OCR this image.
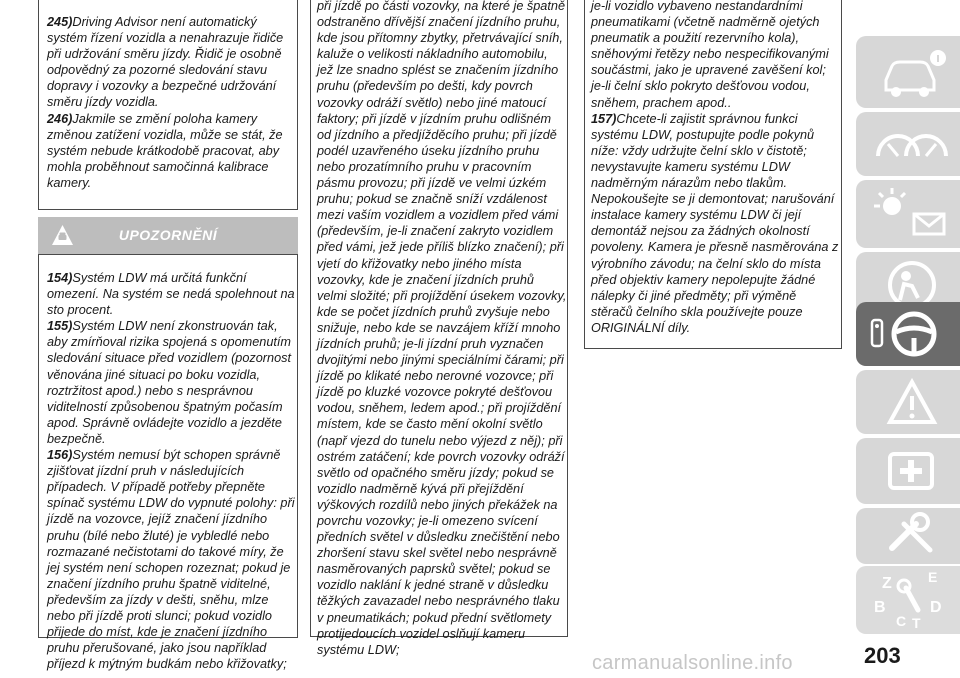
245)Driving Advisor není automatický systém řízení vozidla a nenahrazuje řidiče při udržování směru jízdy. Řidič je osobně odpovědný za pozorné sledování stavu dopravy i vozovky a bezpečné udržování směru jízdy vozidla.

246)Jakmile se změní poloha kamery změnou zatížení vozidla, může se stát, že systém nebude krátkodobě pracovat, aby mohla proběhnout samočinná kalibrace kamery.

UPOZORNĚNÍ

154)Systém LDW má určitá funkční omezení. Na systém se nedá spolehnout na sto procent.

155)Systém LDW není zkonstruován tak, aby zmírňoval rizika spojená s opomenutím sledování situace před vozidlem (pozornost věnována jiné situaci po boku vozidla, roztržitost apod.) nebo s nesprávnou viditelností způsobenou špatným počasím apod. Správně ovládejte vozidlo a jezděte bezpečně.

156)Systém nemusí být schopen správně zjišťovat jízdní pruh v následujících případech. V případě potřeby přepněte spínač systému LDW do vypnuté polohy: při jízdě na vozovce, jejíž značení jízdního pruhu (bílé nebo žluté) je vybledlé nebo rozmazané nečistotami do takové míry, že jej systém není schopen rozeznat; pokud je značení jízdního pruhu špatně viditelné, především za jízdy v dešti, sněhu, mlze nebo při jízdě proti slunci; pokud vozidlo přijede do míst, kde je značení jízdního pruhu přerušované, jako jsou například příjezd k mýtným budkám nebo křižovatky;

při jízdě po části vozovky, na které je špatně odstraněno dřívější značení jízdního pruhu, kde jsou přítomny zbytky, přetrvávající sníh, kaluže o velikosti nákladního automobilu, jež lze snadno splést se značením jízdního pruhu (především po dešti, kdy povrch vozovky odráží světlo) nebo jiné matoucí faktory; při jízdě v jízdním pruhu odlišném od jízdního a předjížděcího pruhu; při jízdě podél uzavřeného úseku jízdního pruhu nebo prozatímního pruhu v pracovním pásmu provozu; při jízdě ve velmi úzkém pruhu; pokud se značně sníží vzdálenost mezi vaším vozidlem a vozidlem před vámi (především, je-li značení zakryto vozidlem před vámi, jež jede příliš blízko značení); při vjetí do křižovatky nebo jiného místa vozovky, kde je značení jízdních pruhů velmi složité; při projíždění úsekem vozovky, kde se počet jízdních pruhů zvyšuje nebo snižuje, nebo kde se navzájem kříží mnoho jízdních pruhů; je-li jízdní pruh vyznačen dvojitými nebo jinými speciálními čárami; při jízdě po klikaté nebo nerovné vozovce; při jízdě po kluzké vozovce pokryté dešťovou vodou, sněhem, ledem apod.; při projíždění místem, kde se často mění okolní světlo (např vjezd do tunelu nebo výjezd z něj); při ostrém zatáčení; kde povrch vozovky odráží světlo od opačného směru jízdy; pokud se vozidlo nadměrně kývá při přejíždění výškových rozdílů nebo jiných překážek na povrchu vozovky; je-li omezeno svícení předních světel v důsledku znečištění nebo zhoršení stavu skel světel nebo nesprávně nasměrovaných paprsků světel; pokud se vozidlo naklání k jedné straně v důsledku těžkých zavazadel nebo nesprávného tlaku v pneumatikách; pokud přední světlomety protijedoucích vozidel oslňují kameru systému LDW;

je-li vozidlo vybaveno nestandardními pneumatikami (včetně nadměrně ojetých pneumatik a použití rezervního kola), sněhovými řetězy nebo nespecifikovanými součástmi, jako je upravené zavěšení kol; je-li čelní sklo pokryto dešťovou vodou, sněhem, prachem apod..

157)Chcete-li zajistit správnou funkci systému LDW, postupujte podle pokynů níže: vždy udržujte čelní sklo v čistotě; nevystavujte kameru systému LDW nadměrným nárazům nebo tlakům. Nepokoušejte se ji demontovat; narušování instalace kamery systému LDW či její demontáž nejsou za žádných okolností povoleny. Kamera je přesně nasměrována z výrobního závodu; na čelní sklo do místa před objektiv kamery nepolepujte žádné nálepky či jiné předměty; při výměně stěračů čelního skla používejte pouze ORIGINÁLNÍ díly.

Z	E
B
C T
D
203
carmanualsonline.info
